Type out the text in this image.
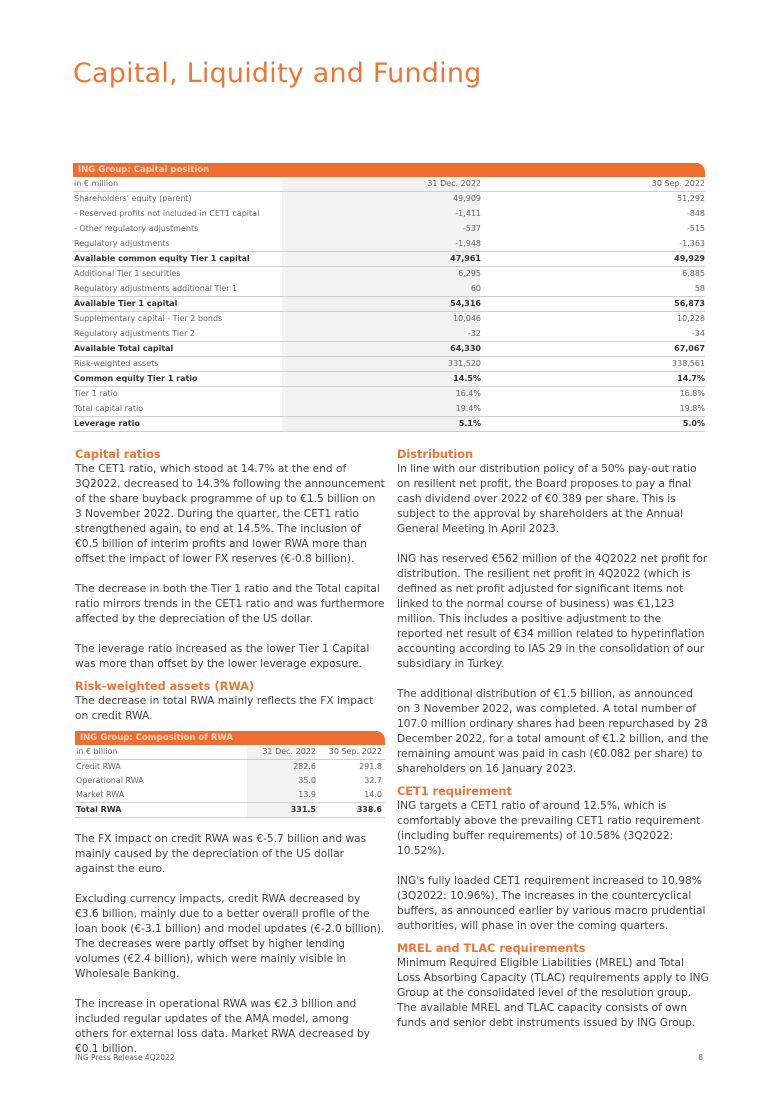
Capital, Liquidity and Funding
ING Group: Capital position
in € million	31 Dec. 2022	30 Sep. 2022
Shareholders' equity (parent)	49,909	51,292
- Reserved profits not included in CET1 capital	-1,411	-848
- Other regulatory adjustments	-537	-515
Regulatory adjustments	-1,948	-1,363
Available common equity Tier 1 capital	47,961	49,929
Additional Tier 1 securities	6,295	6,885
Regulatory adjustments additional Tier 1	60	58
Available Tier 1 capital	54,316	56,873
Supplementary capital - Tier 2 bonds	10,046	10,228
Regulatory adjustments Tier 2	-32	-34
Available Total capital	64,330	67,067
Risk-weighted assets	331,520	338,561
Common equity Tier 1 ratio	14.5%	14.7%
Tier 1 ratio	16.4%	16.8%
Total capital ratio	19.4%	19.8%
Leverage ratio	5.1%	5.0%
Capital ratios

The CET1 ratio, which stood at 14.7% at the end of 3Q2022, decreased to 14.3% following the announcement of the share buyback programme of up to €1.5 billion on 3 November 2022. During the quarter, the CET1 ratio strengthened again, to end at 14.5%. The inclusion of €0.5 billion of interim profits and lower RWA more than offset the impact of lower FX reserves (€-0.8 billion).

The decrease in both the Tier 1 ratio and the Total capital ratio mirrors trends in the CET1 ratio and was furthermore affected by the depreciation of the US dollar.

The leverage ratio increased as the lower Tier 1 Capital was more than offset by the lower leverage exposure.

Risk-weighted assets (RWA)

The decrease in total RWA mainly reflects the FX impact on credit RWA.

ING Group: Composition of RWA
in € billion	31 Dec. 2022	30 Sep. 2022
Credit RWA	282.6	291.8
Operational RWA	35.0	32.7
Market RWA	13.9	14.0
Total RWA	331.5	338.6

The FX impact on credit RWA was €-5.7 billion and was mainly caused by the depreciation of the US dollar against the euro.

Excluding currency impacts, credit RWA decreased by €3.6 billion, mainly due to a better overall profile of the loan book (€-3.1 billion) and model updates (€-2.0 billion). The decreases were partly offset by higher lending volumes (€2.4 billion), which were mainly visible in Wholesale Banking.

The increase in operational RWA was €2.3 billion and included regular updates of the AMA model, among others for external loss data. Market RWA decreased by €0.1 billion.

Distribution

In line with our distribution policy of a 50% pay-out ratio on resilient net profit, the Board proposes to pay a final cash dividend over 2022 of €0.389 per share. This is subject to the approval by shareholders at the Annual General Meeting in April 2023.

ING has reserved €562 million of the 4Q2022 net profit for distribution. The resilient net profit in 4Q2022 (which is defined as net profit adjusted for significant items not linked to the normal course of business) was €1,123 million. This includes a positive adjustment to the reported net result of €34 million related to hyperinflation accounting according to IAS 29 in the consolidation of our subsidiary in Turkey.

The additional distribution of €1.5 billion, as announced on 3 November 2022, was completed. A total number of 107.0 million ordinary shares had been repurchased by 28 December 2022, for a total amount of €1.2 billion, and the remaining amount was paid in cash (€0.082 per share) to shareholders on 16 January 2023.

CET1 requirement

ING targets a CET1 ratio of around 12.5%, which is comfortably above the prevailing CET1 ratio requirement (including buffer requirements) of 10.58% (3Q2022: 10.52%).

ING's fully loaded CET1 requirement increased to 10.98% (3Q2022: 10.96%). The increases in the countercyclical buffers, as announced earlier by various macro prudential authorities, will phase in over the coming quarters.

MREL and TLAC requirements

Minimum Required Eligible Liabilities (MREL) and Total Loss Absorbing Capacity (TLAC) requirements apply to ING Group at the consolidated level of the resolution group. The available MREL and TLAC capacity consists of own funds and senior debt instruments issued by ING Group.

ING Press Release 4Q2022	8
